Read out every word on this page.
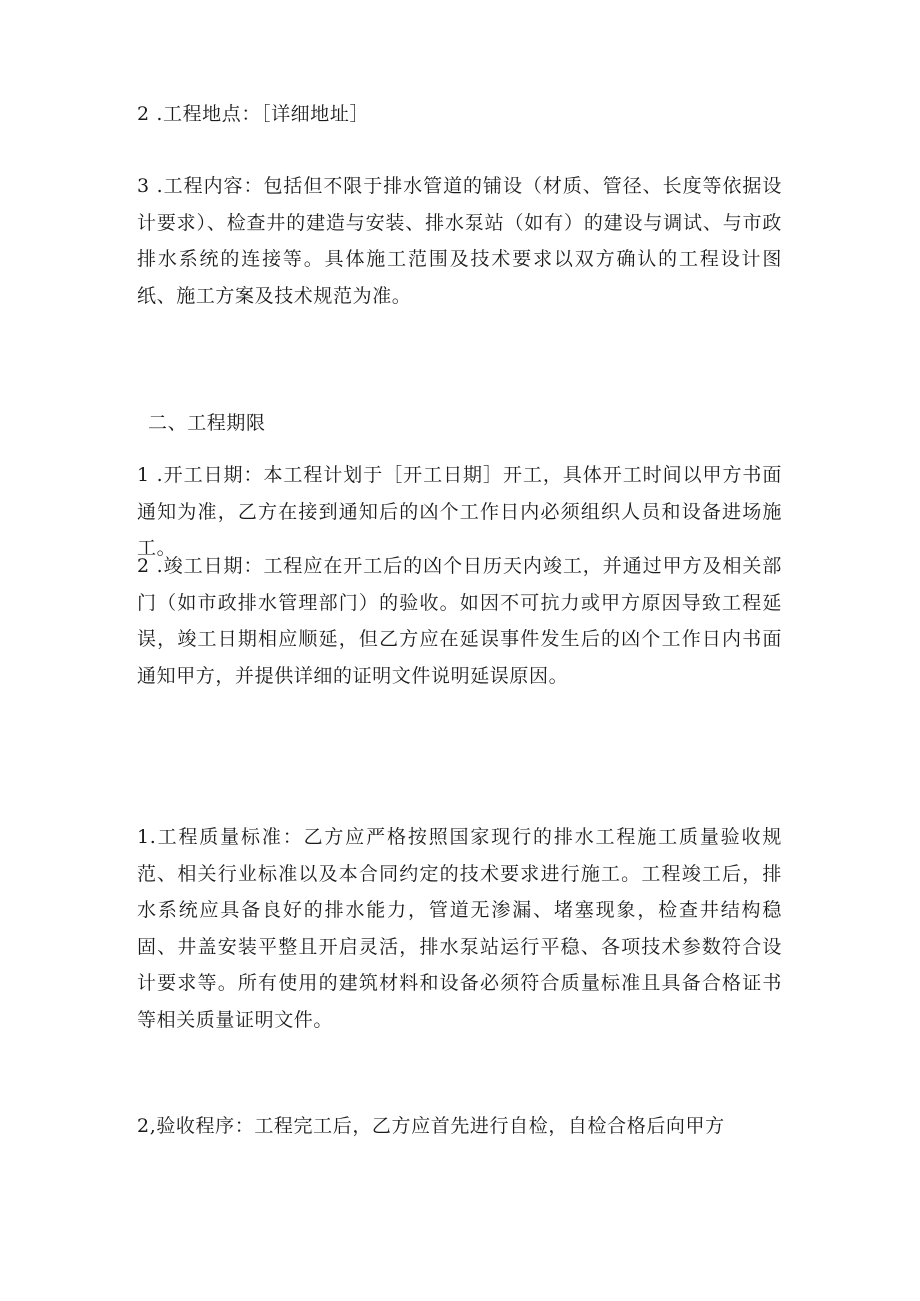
2 .工程地点：［详细地址］

3 .工程内容：包括但不限于排水管道的铺设（材质、管径、长度等依据设计要求）、检查井的建造与安装、排水泵站（如有）的建设与调试、与市政排水系统的连接等。具体施工范围及技术要求以双方确认的工程设计图纸、施工方案及技术规范为准。

二、工程期限

1 .开工日期：本工程计划于［开工日期］开工，具体开工时间以甲方书面通知为准，乙方在接到通知后的凶个工作日内必须组织人员和设备进场施工。

2 .竣工日期：工程应在开工后的凶个日历天内竣工，并通过甲方及相关部门（如市政排水管理部门）的验收。如因不可抗力或甲方原因导致工程延误，竣工日期相应顺延，但乙方应在延误事件发生后的凶个工作日内书面通知甲方，并提供详细的证明文件说明延误原因。

1.工程质量标准：乙方应严格按照国家现行的排水工程施工质量验收规范、相关行业标准以及本合同约定的技术要求进行施工。工程竣工后，排水系统应具备良好的排水能力，管道无渗漏、堵塞现象，检查井结构稳固、井盖安装平整且开启灵活，排水泵站运行平稳、各项技术参数符合设计要求等。所有使用的建筑材料和设备必须符合质量标准且具备合格证书等相关质量证明文件。

2,验收程序：工程完工后，乙方应首先进行自检，自检合格后向甲方
